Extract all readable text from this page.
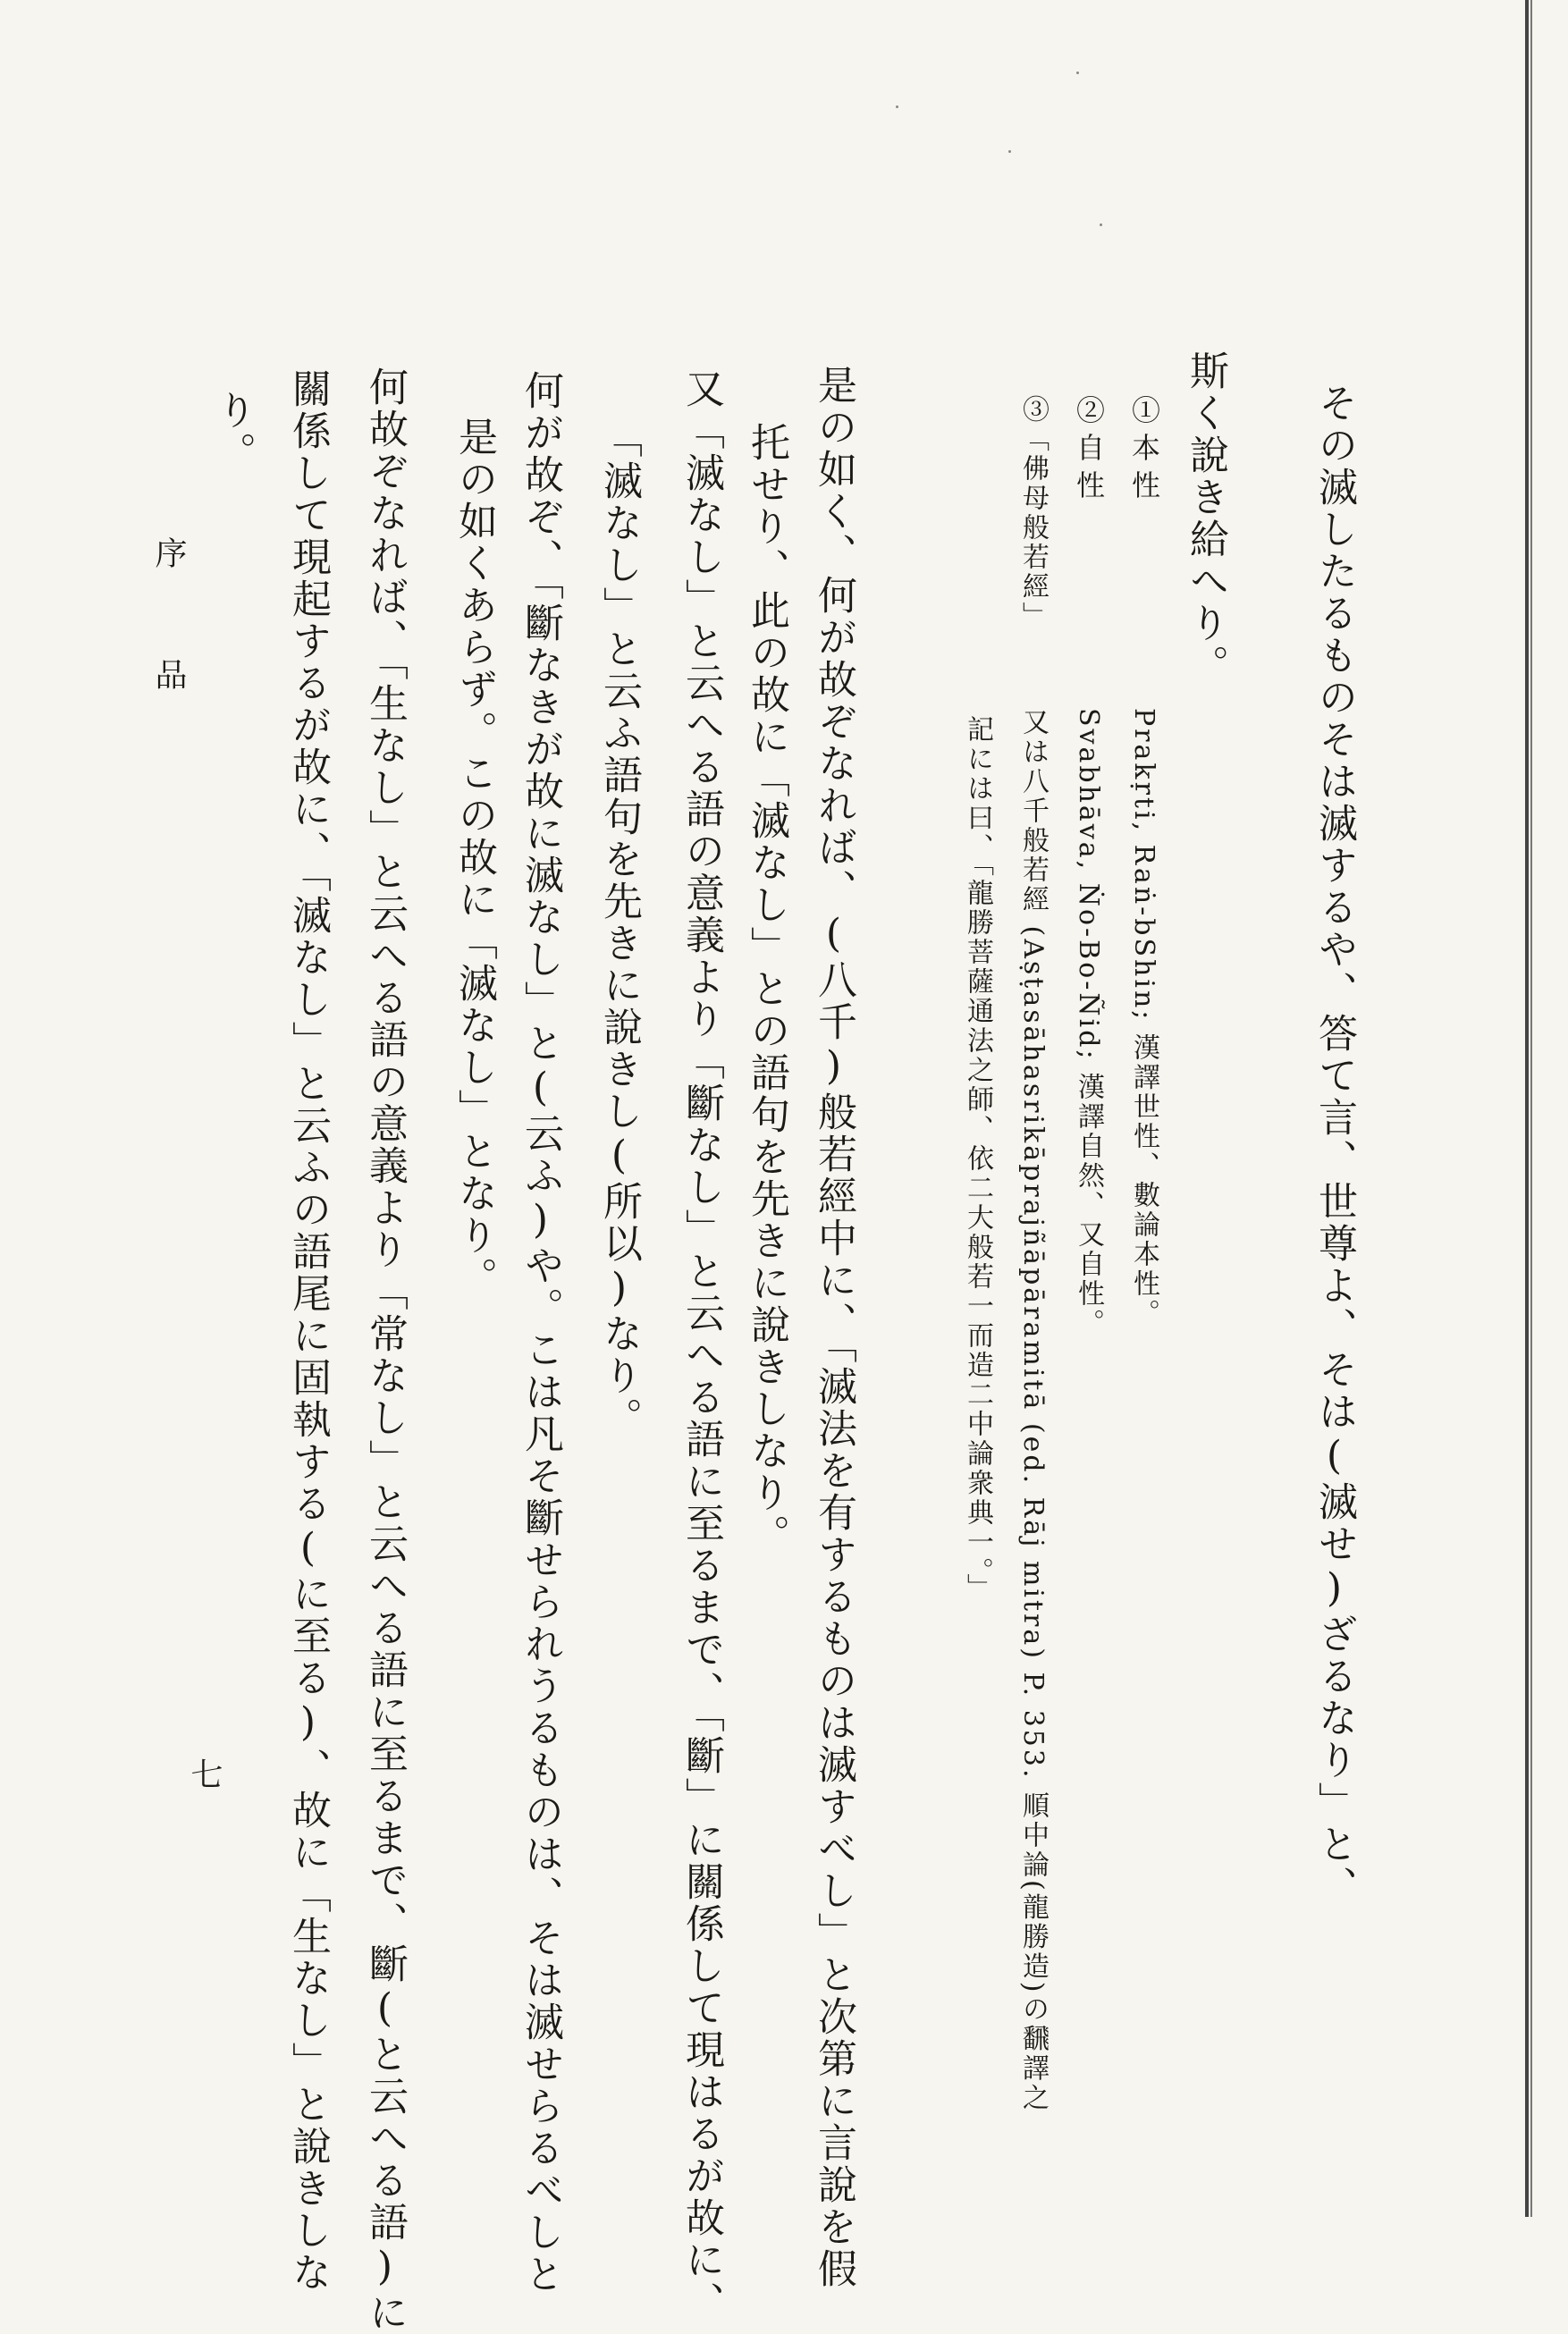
その滅したるものそは滅するや、答て言、世尊よ、そは(滅せ)ざるなり」と、
斯く說き給へり。
①本性
Prakṛti, Raṅ-bShin; 漢譯世性、數論本性。
②自性
Svabhāva, Ṅo-Bo-Ñid; 漢譯自然、又自性。
③「佛母般若經」
又は八千般若經 (Aṣṭasāhasrikāprajñāpāramitā (ed. Rāj mitra) P. 353. 順中論(龍勝造)の飜譯之
記には曰、「龍勝菩薩通法之師、依二大般若一而造二中論衆典一。」
是の如く、何が故ぞなれば、(八千)般若經中に、「滅法を有するものは滅すべし」と次第に言說を假
托せり、此の故に「滅なし」との語句を先きに說きしなり。
又「滅なし」と云へる語の意義より「斷なし」と云へる語に至るまで、「斷」に關係して現はるが故に、
「滅なし」と云ふ語句を先きに說きし(所以)なり。
何が故ぞ、「斷なきが故に滅なし」と(云ふ)や。こは凡そ斷せられうるものは、そは滅せらるべしと
是の如くあらず。この故に「滅なし」となり。
何故ぞなれば、「生なし」と云へる語の意義より「常なし」と云へる語に至るまで、斷(と云へる語)に
關係して現起するが故に、「滅なし」と云ふの語尾に固執する(に至る)、故に「生なし」と說きしな
り。
序品
七
